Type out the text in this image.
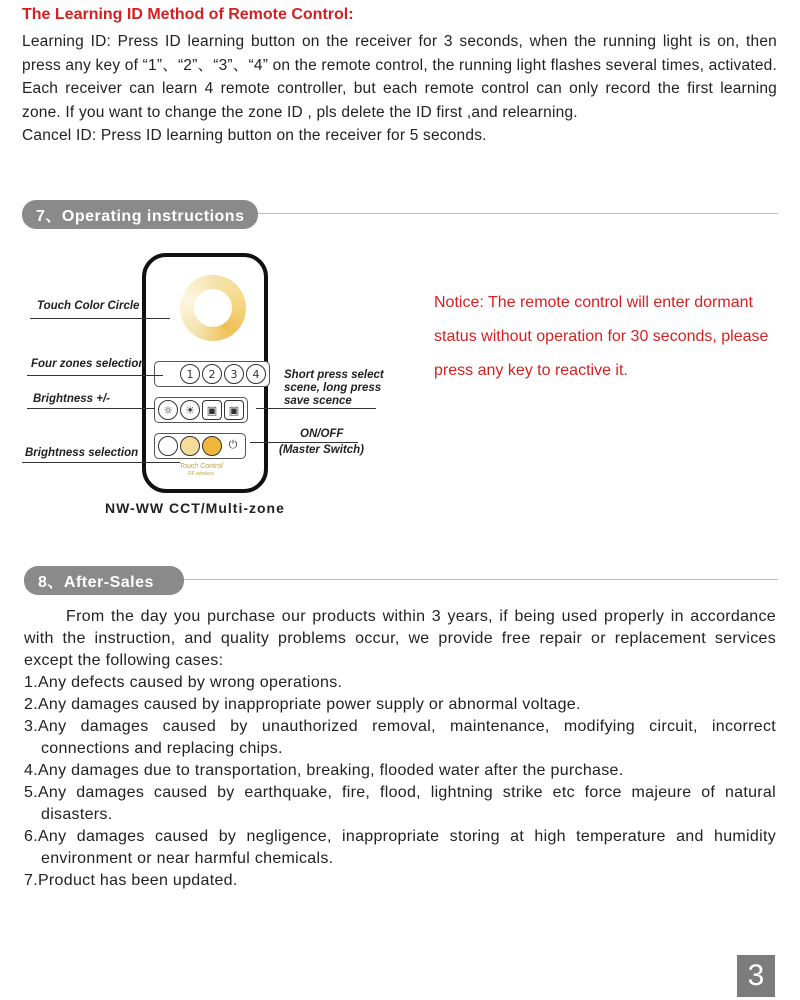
The Learning ID Method of Remote Control:

Learning ID: Press ID learning button on the receiver for 3 seconds, when the running light is on, then press any key of “1”、“2”、“3”、“4” on the remote control, the running light flashes several times, activated. Each receiver can learn 4 remote controller, but each remote control can only record the first learning zone. If you want to change the zone ID , pls delete the ID first ,and relearning.

Cancel ID: Press ID learning button on the receiver for 5 seconds.

7、Operating instructions
1	2	3	4
☼	☀	▣	▣
⏻
Touch Control
RF wireless
Touch Color Circle
Four zones selection
Brightness +/-
Brightness selection
Short press select
scene, long press
save scence
ON/OFF
(Master Switch)
NW-WW CCT/Multi-zone
Notice: The remote control will enter dormant status without operation for 30 seconds, please press any key to reactive it.
8、After-Sales

From the day you purchase our products within 3 years, if being used properly in accordance with the instruction, and quality problems occur, we provide free repair or replacement services except the following cases:

1.Any defects caused by wrong operations.
2.Any damages caused by inappropriate power supply or abnormal voltage.
3.Any damages caused by unauthorized removal, maintenance, modifying circuit, incorrect connections and replacing chips.
4.Any damages due to transportation, breaking, flooded water after the purchase.
5.Any damages caused by earthquake, fire, flood, lightning strike etc force majeure of natural disasters.
6.Any damages caused by negligence, inappropriate storing at high temperature and humidity environment or near harmful chemicals.
7.Product has been updated.
3
